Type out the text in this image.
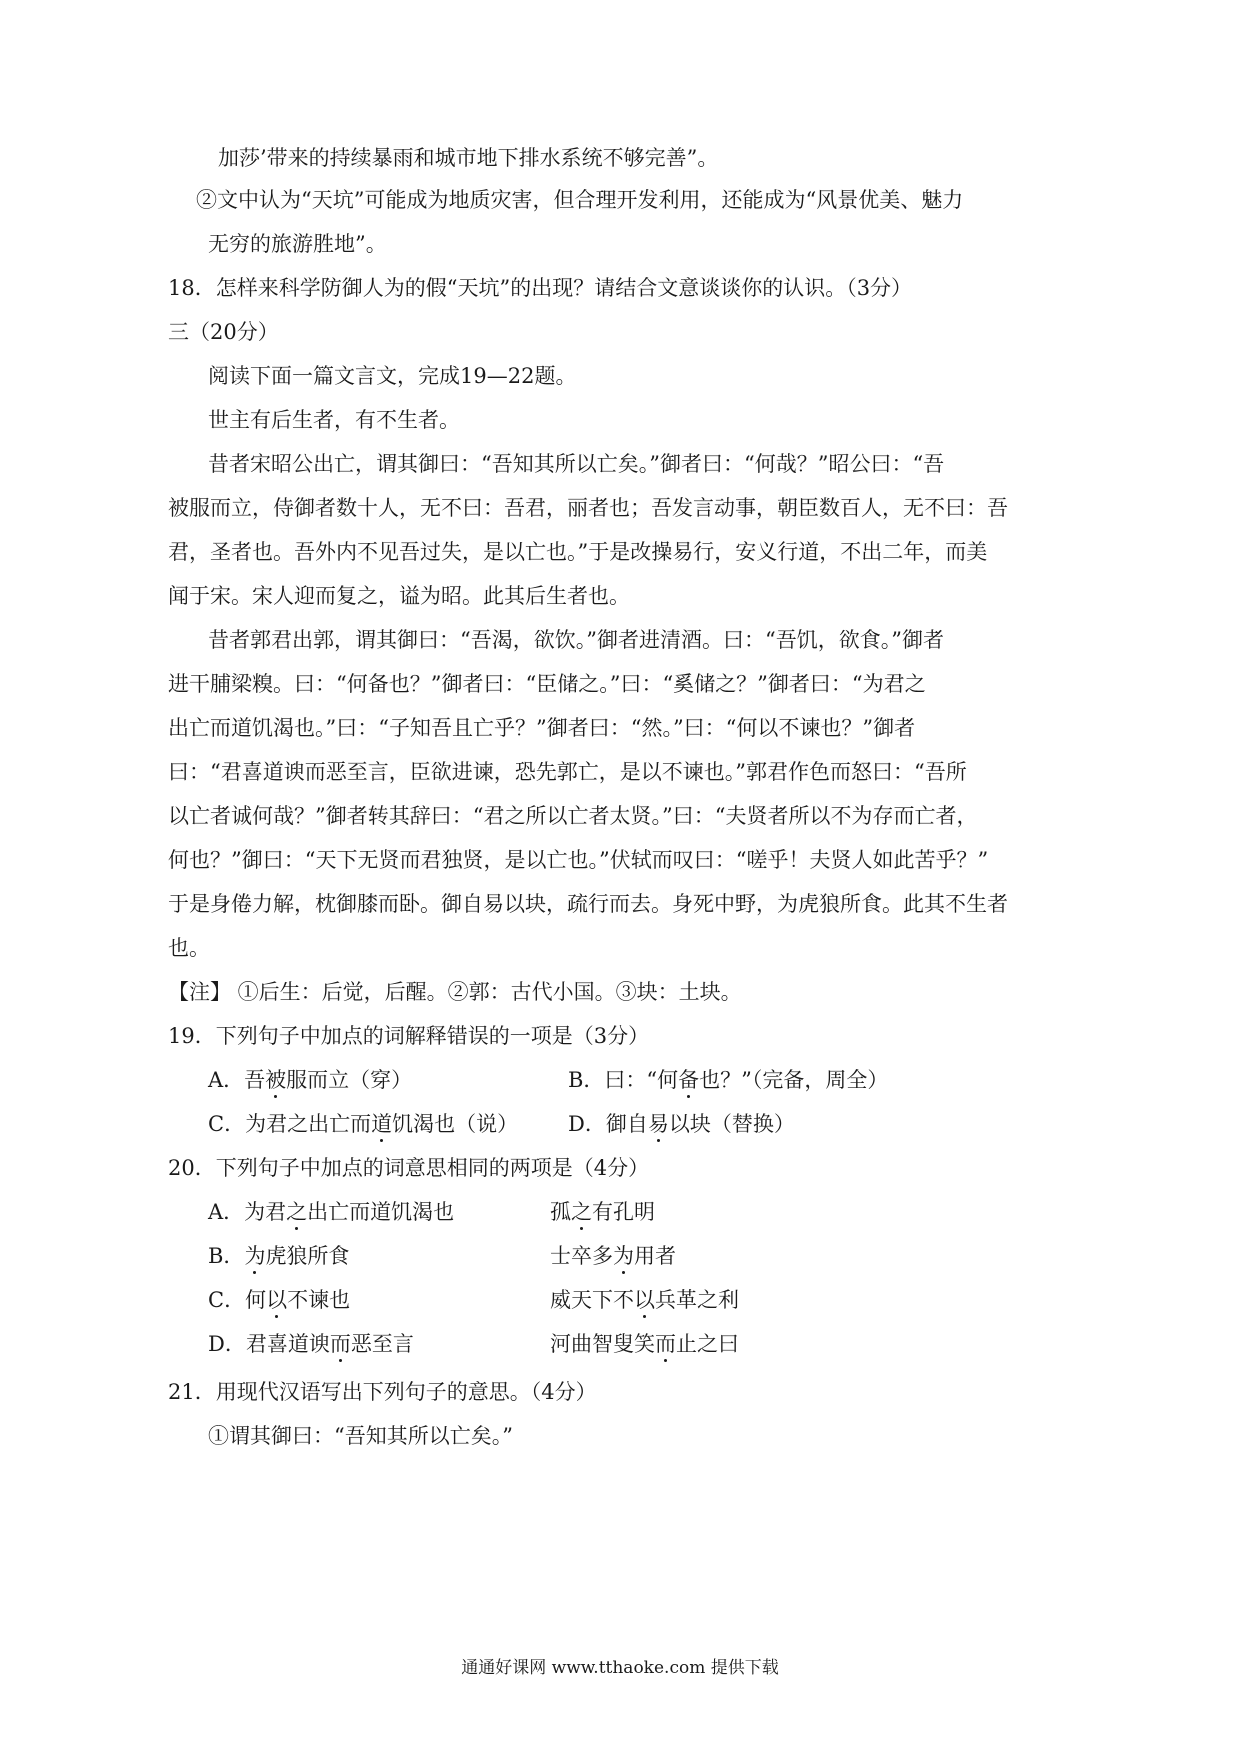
加莎’带来的持续暴雨和城市地下排水系统不够完善”。
②文中认为“天坑”可能成为地质灾害，但合理开发利用，还能成为“风景优美、魅力
无穷的旅游胜地”。
18．怎样来科学防御人为的假“天坑”的出现？请结合文意谈谈你的认识。（3分）
三（20分）
阅读下面一篇文言文，完成19—22题。
世主有后生者，有不生者。
昔者宋昭公出亡，谓其御曰：“吾知其所以亡矣。”御者曰：“何哉？”昭公曰：“吾
被服而立，侍御者数十人，无不曰：吾君，丽者也；吾发言动事，朝臣数百人，无不曰：吾
君，圣者也。吾外内不见吾过失，是以亡也。”于是改操易行，安义行道，不出二年，而美
闻于宋。宋人迎而复之，谥为昭。此其后生者也。
昔者郭君出郭，谓其御曰：“吾渴，欲饮。”御者进清酒。曰：“吾饥，欲食。”御者
进干脯梁糗。曰：“何备也？”御者曰：“臣储之。”曰：“奚储之？”御者曰：“为君之
出亡而道饥渴也。”曰：“子知吾且亡乎？”御者曰：“然。”曰：“何以不谏也？”御者
曰：“君喜道谀而恶至言，臣欲进谏，恐先郭亡，是以不谏也。”郭君作色而怒曰：“吾所
以亡者诚何哉？”御者转其辞曰：“君之所以亡者太贤。”曰：“夫贤者所以不为存而亡者，
何也？”御曰：“天下无贤而君独贤，是以亡也。”伏轼而叹曰：“嗟乎！夫贤人如此苦乎？”
于是身倦力解，枕御膝而卧。御自易以块，疏行而去。身死中野，为虎狼所食。此其不生者
也。
【注】 ①后生：后觉，后醒。②郭：古代小国。③块：土块。
19．下列句子中加点的词解释错误的一项是（3分）
A．吾被服而立（穿）	B．曰：“何备也？”（完备，周全）
C．为君之出亡而道饥渴也（说） D．御自易以块（替换）
20．下列句子中加点的词意思相同的两项是（4分）
A．为君之出亡而道饥渴也	孤之有孔明
B．为虎狼所食	士卒多为用者
C．何以不谏也	威天下不以兵革之利
D．君喜道谀而恶至言	河曲智叟笑而止之曰
21．用现代汉语写出下列句子的意思。（4分）
①谓其御曰：“吾知其所以亡矣。”
通通好课网 www.tthaoke.com 提供下载
